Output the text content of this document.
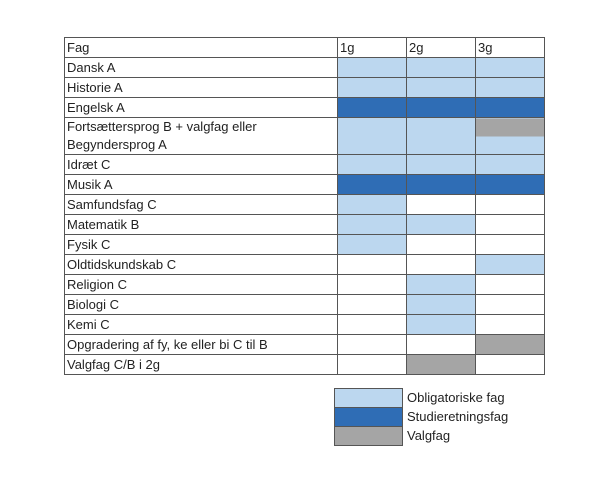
Fag	1g	2g	3g

Dansk A			

Historie A			

Engelsk A			

Fortsættersprog B + valgfag eller
Begyndersprog A			

Idræt C			

Musik A			

Samfundsfag C			

Matematik B			

Fysik C			

Oldtidskundskab C			

Religion C			

Biologi C			

Kemi C			

Opgradering af fy, ke eller bi C til B			

Valgfag C/B i 2g			

	Obligatoriske fag
	Studieretningsfag
	Valgfag
